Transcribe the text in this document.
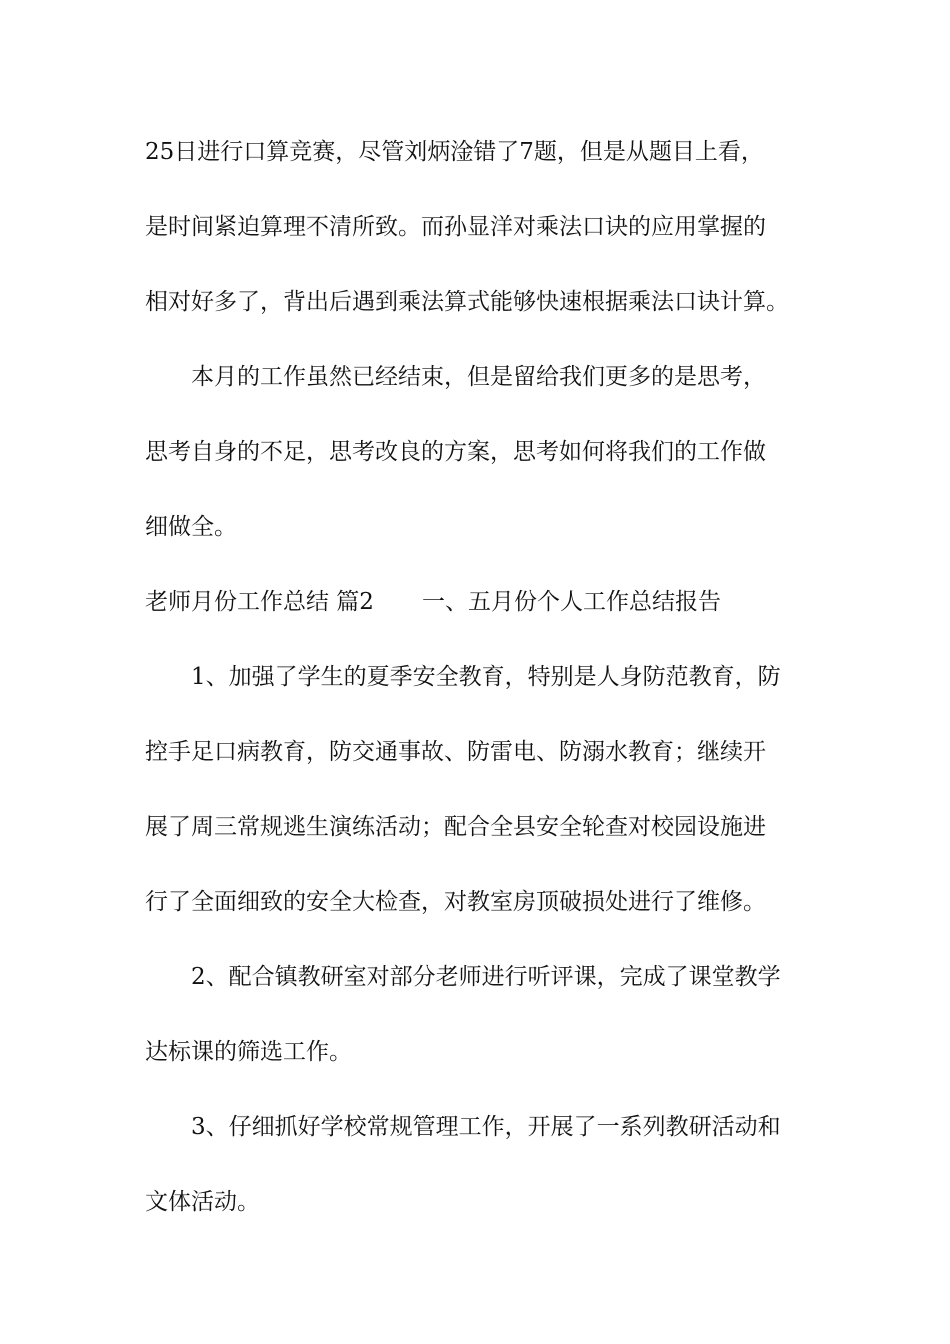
25日进行口算竞赛，尽管刘炳淦错了7题，但是从题目上看，

是时间紧迫算理不清所致。而孙显洋对乘法口诀的应用掌握的

相对好多了，背出后遇到乘法算式能够快速根据乘法口诀计算。

本月的工作虽然已经结束，但是留给我们更多的是思考，

思考自身的不足，思考改良的方案，思考如何将我们的工作做

细做全。

老师月份工作总结 篇2 一、五月份个人工作总结报告

1、加强了学生的夏季安全教育，特别是人身防范教育，防

控手足口病教育，防交通事故、防雷电、防溺水教育；继续开

展了周三常规逃生演练活动；配合全县安全轮查对校园设施进

行了全面细致的安全大检查，对教室房顶破损处进行了维修。

2、配合镇教研室对部分老师进行听评课，完成了课堂教学

达标课的筛选工作。

3、仔细抓好学校常规管理工作，开展了一系列教研活动和

文体活动。
